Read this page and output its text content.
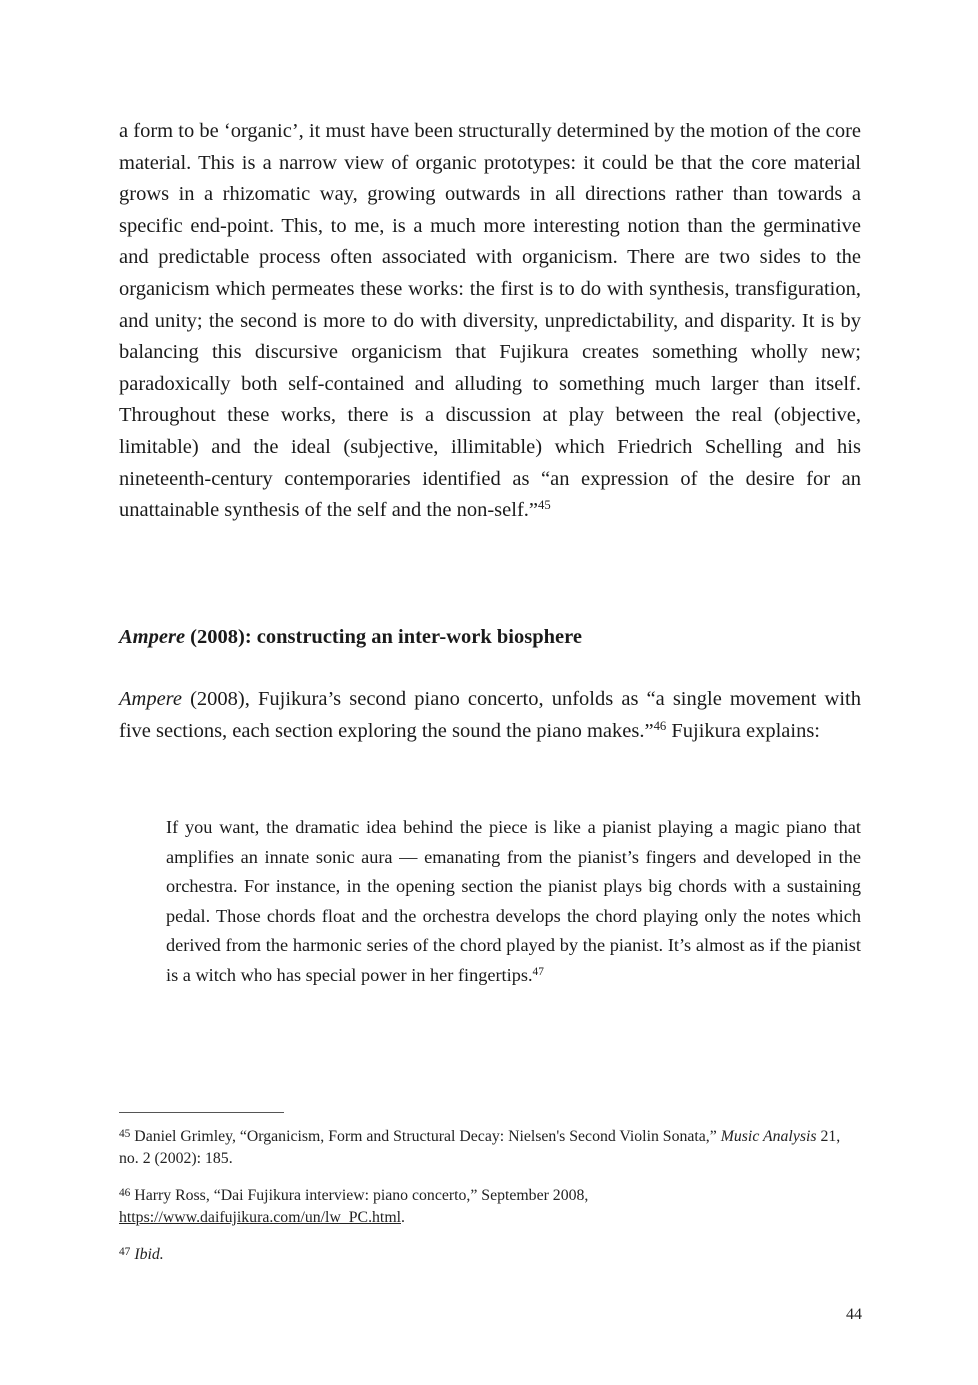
a form to be ‘organic’, it must have been structurally determined by the motion of the core material. This is a narrow view of organic prototypes: it could be that the core material grows in a rhizomatic way, growing outwards in all directions rather than towards a specific end-point. This, to me, is a much more interesting notion than the germinative and predictable process often associated with organicism. There are two sides to the organicism which permeates these works: the first is to do with synthesis, transfiguration, and unity; the second is more to do with diversity, unpredictability, and disparity. It is by balancing this discursive organicism that Fujikura creates something wholly new; paradoxically both self-contained and alluding to something much larger than itself. Throughout these works, there is a discussion at play between the real (objective, limitable) and the ideal (subjective, illimitable) which Friedrich Schelling and his nineteenth-century contemporaries identified as “an expression of the desire for an unattainable synthesis of the self and the non-self.”$^{45}$

Ampere (2008): constructing an inter-work biosphere

Ampere (2008), Fujikura’s second piano concerto, unfolds as “a single movement with five sections, each section exploring the sound the piano makes.”$^{46}$ Fujikura explains:

If you want, the dramatic idea behind the piece is like a pianist playing a magic piano that amplifies an innate sonic aura — emanating from the pianist’s fingers and developed in the orchestra. For instance, in the opening section the pianist plays big chords with a sustaining pedal. Those chords float and the orchestra develops the chord playing only the notes which derived from the harmonic series of the chord played by the pianist. It’s almost as if the pianist is a witch who has special power in her fingertips.$^{47}$

$^{45}$ Daniel Grimley, “Organicism, Form and Structural Decay: Nielsen's Second Violin Sonata,” Music Analysis 21, no. 2 (2002): 185.

$^{46}$ Harry Ross, “Dai Fujikura interview: piano concerto,” September 2008, https://www.daifujikura.com/un/lw_PC.html.

$^{47}$ Ibid.

44
